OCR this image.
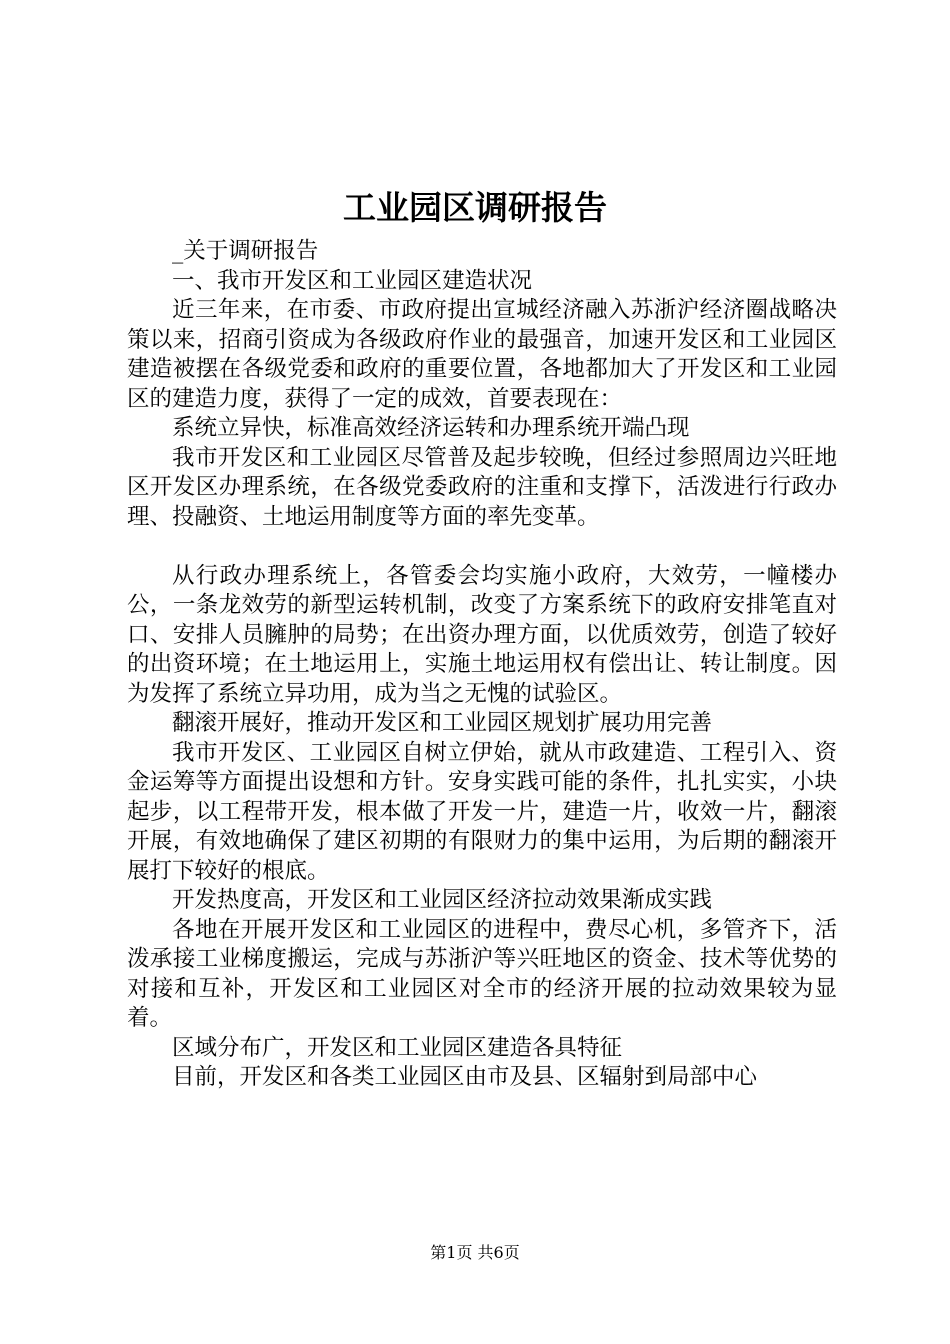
工业园区调研报告

_关于调研报告

一、我市开发区和工业园区建造状况

近三年来，在市委、市政府提出宣城经济融入苏浙沪经济圈战略决策以来，招商引资成为各级政府作业的最强音，加速开发区和工业园区建造被摆在各级党委和政府的重要位置，各地都加大了开发区和工业园区的建造力度，获得了一定的成效，首要表现在：

系统立异快，标准高效经济运转和办理系统开端凸现

我市开发区和工业园区尽管普及起步较晚，但经过参照周边兴旺地区开发区办理系统，在各级党委政府的注重和支撑下，活泼进行行政办理、投融资、土地运用制度等方面的率先变革。

从行政办理系统上，各管委会均实施小政府，大效劳，一幢楼办公，一条龙效劳的新型运转机制，改变了方案系统下的政府安排笔直对口、安排人员臃肿的局势；在出资办理方面，以优质效劳，创造了较好的出资环境；在土地运用上，实施土地运用权有偿出让、转让制度。因为发挥了系统立异功用，成为当之无愧的试验区。

翻滚开展好，推动开发区和工业园区规划扩展功用完善

我市开发区、工业园区自树立伊始，就从市政建造、工程引入、资金运筹等方面提出设想和方针。安身实践可能的条件，扎扎实实，小块起步，以工程带开发，根本做了开发一片，建造一片，收效一片，翻滚开展，有效地确保了建区初期的有限财力的集中运用，为后期的翻滚开展打下较好的根底。

开发热度高，开发区和工业园区经济拉动效果渐成实践

各地在开展开发区和工业园区的进程中，费尽心机，多管齐下，活泼承接工业梯度搬运，完成与苏浙沪等兴旺地区的资金、技术等优势的对接和互补，开发区和工业园区对全市的经济开展的拉动效果较为显着。

区域分布广，开发区和工业园区建造各具特征

目前，开发区和各类工业园区由市及县、区辐射到局部中心

第1页 共6页
